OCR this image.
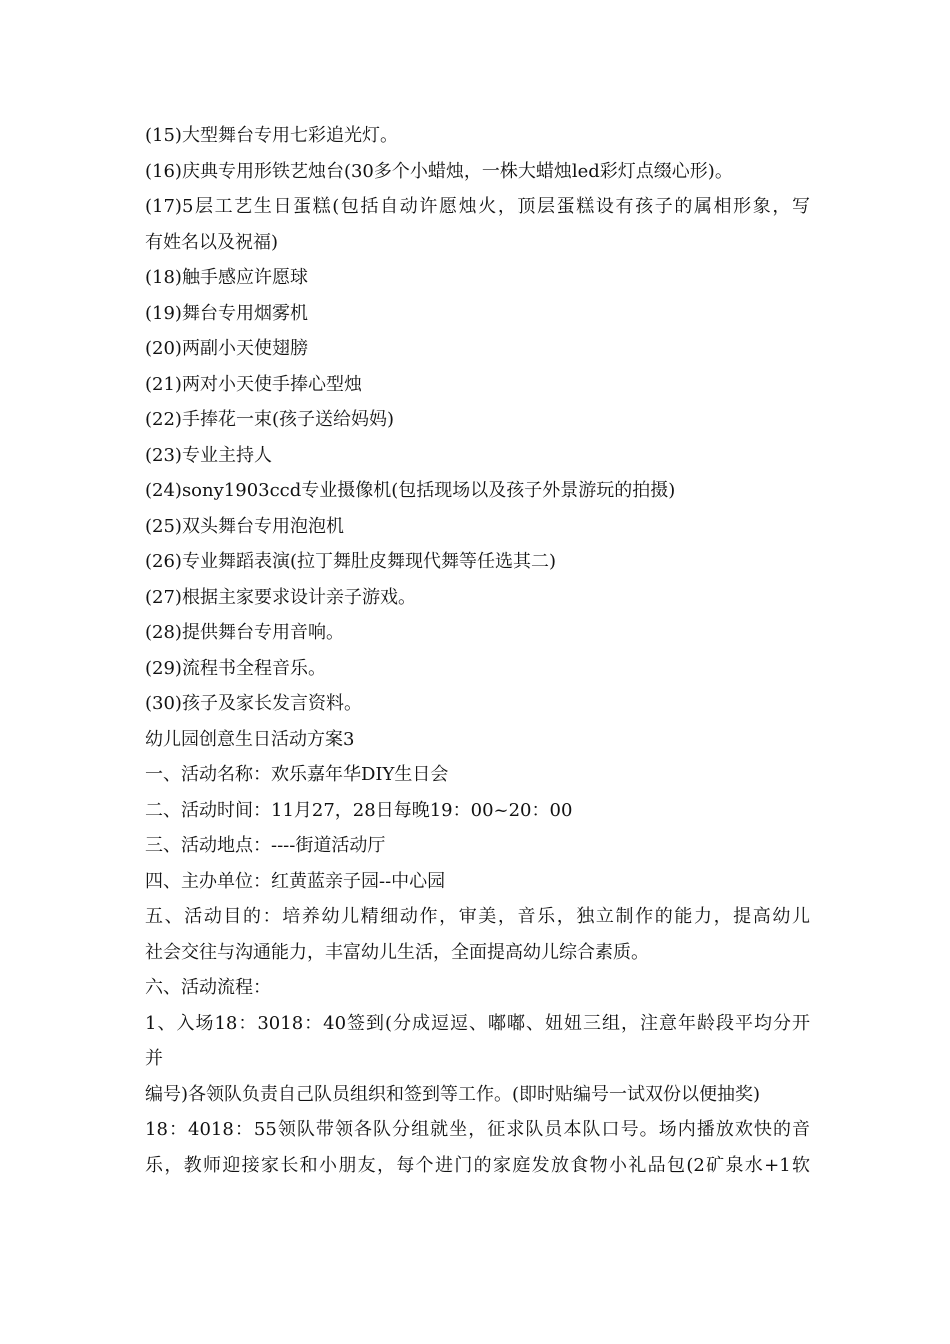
(15)大型舞台专用七彩追光灯。
(16)庆典专用形铁艺烛台(30多个小蜡烛，一株大蜡烛led彩灯点缀心形)。
(17)5层工艺生日蛋糕(包括自动许愿烛火，顶层蛋糕设有孩子的属相形象，写
有姓名以及祝福)
(18)触手感应许愿球
(19)舞台专用烟雾机
(20)两副小天使翅膀
(21)两对小天使手捧心型烛
(22)手捧花一束(孩子送给妈妈)
(23)专业主持人
(24)sony1903ccd专业摄像机(包括现场以及孩子外景游玩的拍摄)
(25)双头舞台专用泡泡机
(26)专业舞蹈表演(拉丁舞肚皮舞现代舞等任选其二)
(27)根据主家要求设计亲子游戏。
(28)提供舞台专用音响。
(29)流程书全程音乐。
(30)孩子及家长发言资料。
幼儿园创意生日活动方案3
一、活动名称：欢乐嘉年华DIY生日会
二、活动时间：11月27，28日每晚19：00~20：00
三、活动地点：----街道活动厅
四、主办单位：红黄蓝亲子园--中心园
五、活动目的：培养幼儿精细动作，审美，音乐，独立制作的能力，提高幼儿
社会交往与沟通能力，丰富幼儿生活，全面提高幼儿综合素质。
六、活动流程：
1、入场18：3018：40签到(分成逗逗、嘟嘟、妞妞三组，注意年龄段平均分开
并
编号)各领队负责自己队员组织和签到等工作。(即时贴编号一试双份以便抽奖)
18：4018：55领队带领各队分组就坐，征求队员本队口号。场内播放欢快的音
乐，教师迎接家长和小朋友，每个进门的家庭发放食物小礼品包(2矿泉水+1软
